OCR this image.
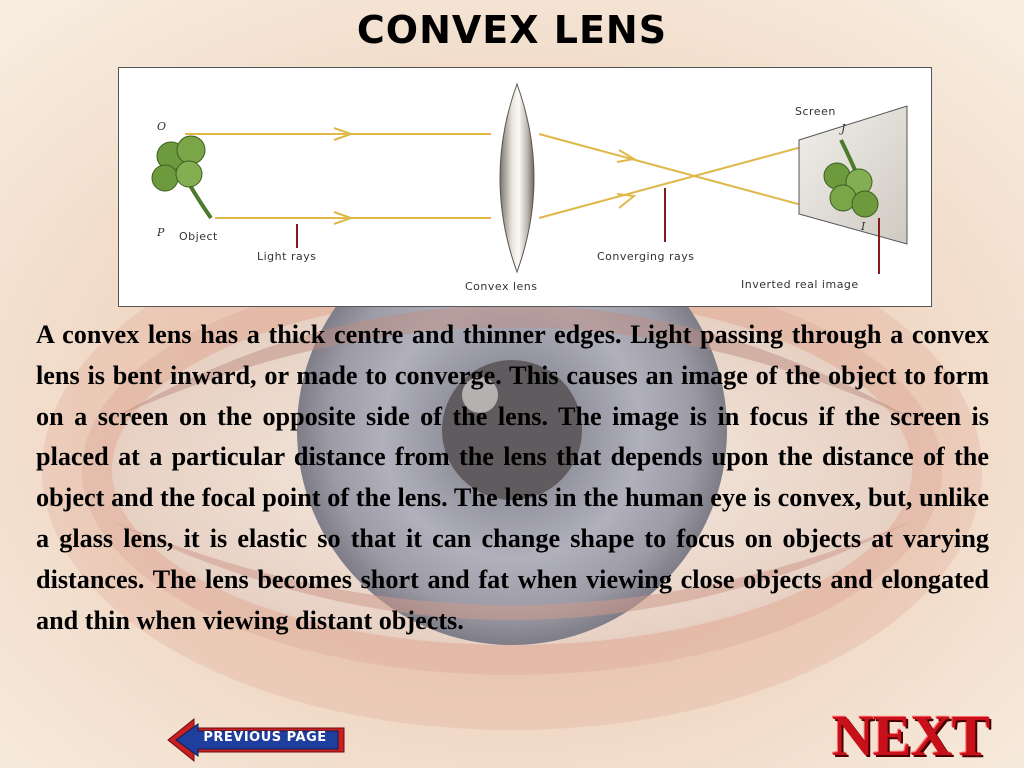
CONVEX LENS
O
P Object
Light rays
Convex lens
Converging rays
Screen
J
I
Inverted real image

A convex lens has a thick centre and thinner edges. Light passing through a convex lens is bent inward, or made to converge. This causes an image of the object to form on a screen on the opposite side of the lens. The image is in focus if the screen is placed at a particular distance from the lens that depends upon the distance of the object and the focal point of the lens. The lens in the human eye is convex, but, unlike a glass lens, it is elastic so that it can change shape to focus on objects at varying distances. The lens becomes short and fat when viewing close objects and elongated and thin when viewing distant objects.

PREVIOUS PAGE	NEXT
